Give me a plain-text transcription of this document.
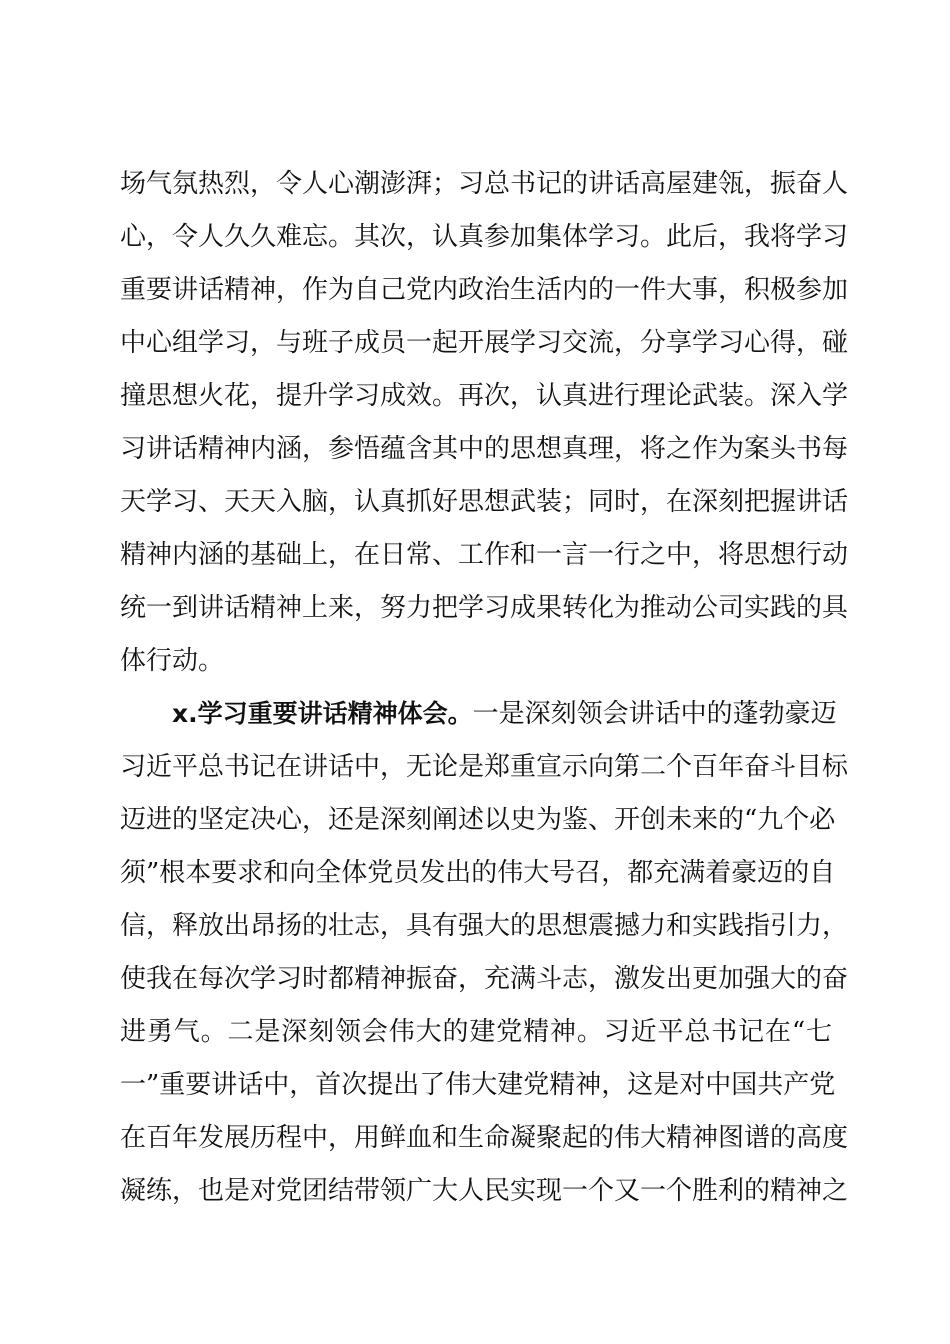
场气氛热烈，令人心潮澎湃；习总书记的讲话高屋建瓴，振奋人
心，令人久久难忘。其次，认真参加集体学习。此后，我将学习
重要讲话精神，作为自己党内政治生活内的一件大事，积极参加
中心组学习，与班子成员一起开展学习交流，分享学习心得，碰
撞思想火花，提升学习成效。再次，认真进行理论武装。深入学
习讲话精神内涵，参悟蕴含其中的思想真理，将之作为案头书每
天学习、天天入脑，认真抓好思想武装；同时，在深刻把握讲话
精神内涵的基础上，在日常、工作和一言一行之中，将思想行动
统一到讲话精神上来，努力把学习成果转化为推动公司实践的具
体行动。
x.学习重要讲话精神体会。一是深刻领会讲话中的蓬勃豪迈
习近平总书记在讲话中，无论是郑重宣示向第二个百年奋斗目标
迈进的坚定决心，还是深刻阐述以史为鉴、开创未来的“九个必
须”根本要求和向全体党员发出的伟大号召，都充满着豪迈的自
信，释放出昂扬的壮志，具有强大的思想震撼力和实践指引力，
使我在每次学习时都精神振奋，充满斗志，激发出更加强大的奋
进勇气。二是深刻领会伟大的建党精神。习近平总书记在“七
一”重要讲话中，首次提出了伟大建党精神，这是对中国共产党
在百年发展历程中，用鲜血和生命凝聚起的伟大精神图谱的高度
凝练，也是对党团结带领广大人民实现一个又一个胜利的精神之
